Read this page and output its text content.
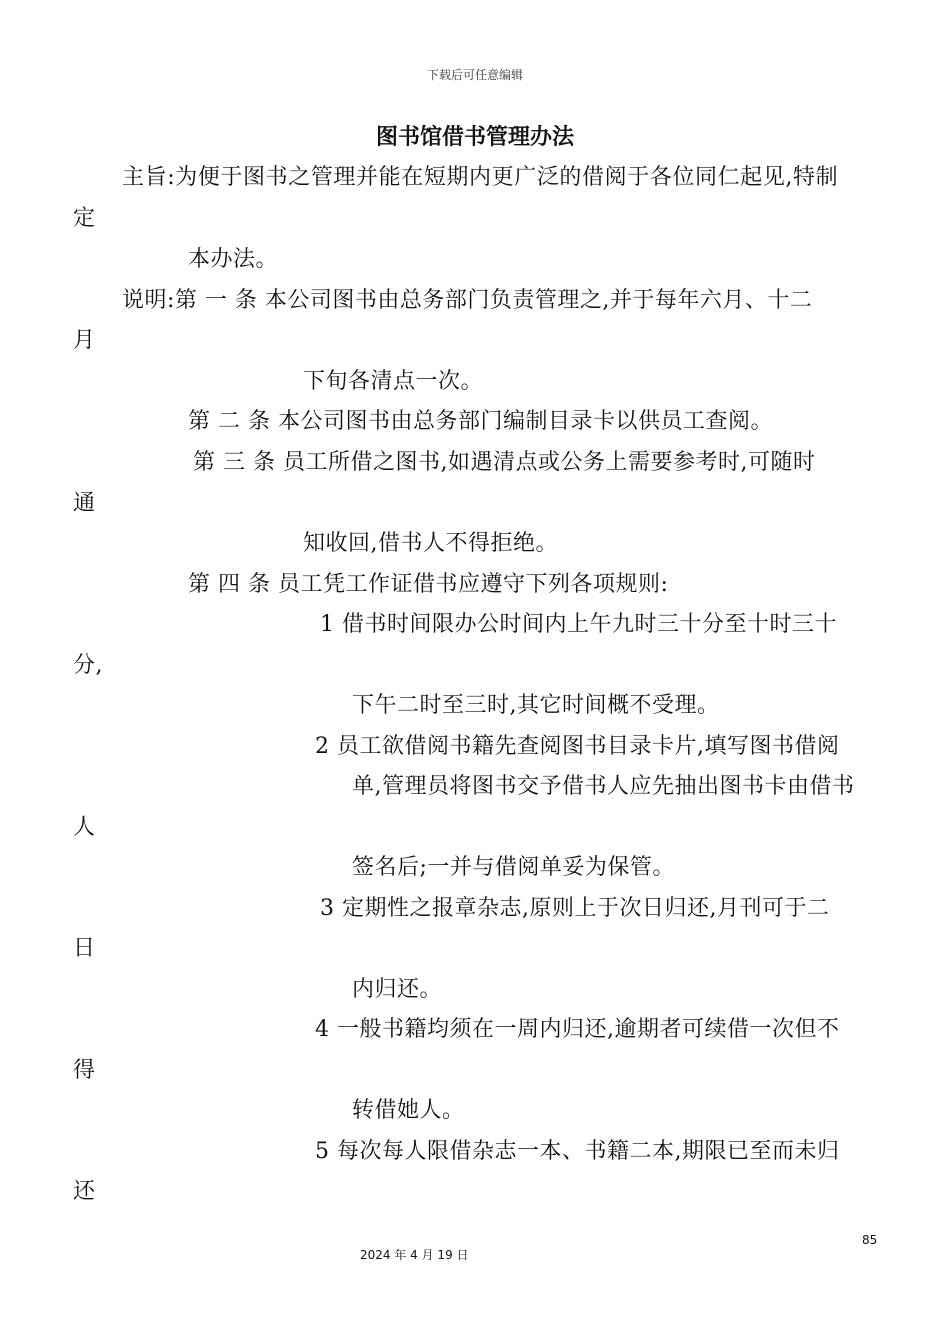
下载后可任意编辑
图书馆借书管理办法
主旨:为便于图书之管理并能在短期内更广泛的借阅于各位同仁起见,特制
定
本办法。
说明:第 一 条 本公司图书由总务部门负责管理之,并于每年六月、十二
月
下旬各清点一次。
第 二 条 本公司图书由总务部门编制目录卡以供员工查阅。
第 三 条 员工所借之图书,如遇清点或公务上需要参考时,可随时
通
知收回,借书人不得拒绝。
第 四 条 员工凭工作证借书应遵守下列各项规则:
1 借书时间限办公时间内上午九时三十分至十时三十
分,
下午二时至三时,其它时间概不受理。
2 员工欲借阅书籍先查阅图书目录卡片,填写图书借阅
单,管理员将图书交予借书人应先抽出图书卡由借书
人
签名后;一并与借阅单妥为保管。
3 定期性之报章杂志,原则上于次日归还,月刊可于二
日
内归还。
4 一般书籍均须在一周内归还,逾期者可续借一次但不
得
转借她人。
5 每次每人限借杂志一本、书籍二本,期限已至而未归
还
85
2024 年 4 月 19 日
